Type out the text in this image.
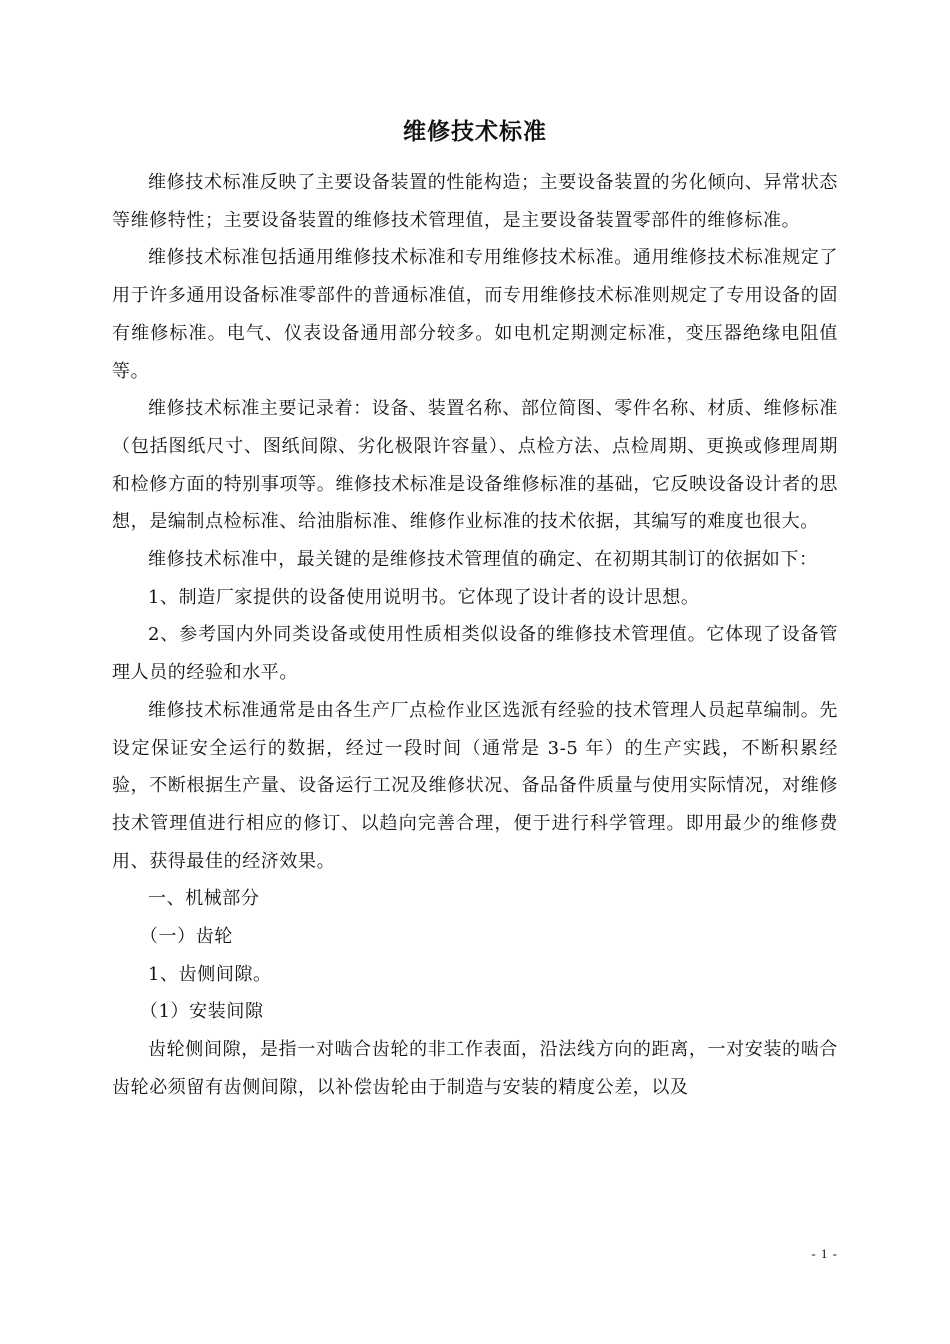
维修技术标准

维修技术标准反映了主要设备装置的性能构造；主要设备装置的劣化倾向、异常状态等维修特性；主要设备装置的维修技术管理值，是主要设备装置零部件的维修标准。

维修技术标准包括通用维修技术标准和专用维修技术标准。通用维修技术标准规定了用于许多通用设备标准零部件的普通标准值，而专用维修技术标准则规定了专用设备的固有维修标准。电气、仪表设备通用部分较多。如电机定期测定标准，变压器绝缘电阻值等。

维修技术标准主要记录着：设备、装置名称、部位简图、零件名称、材质、维修标准（包括图纸尺寸、图纸间隙、劣化极限许容量）、点检方法、点检周期、更换或修理周期和检修方面的特别事项等。维修技术标准是设备维修标准的基础，它反映设备设计者的思想，是编制点检标准、给油脂标准、维修作业标准的技术依据，其编写的难度也很大。

维修技术标准中，最关键的是维修技术管理值的确定、在初期其制订的依据如下：

1、制造厂家提供的设备使用说明书。它体现了设计者的设计思想。

2、参考国内外同类设备或使用性质相类似设备的维修技术管理值。它体现了设备管理人员的经验和水平。

维修技术标准通常是由各生产厂点检作业区选派有经验的技术管理人员起草编制。先设定保证安全运行的数据，经过一段时间（通常是 3-5 年）的生产实践，不断积累经验，不断根据生产量、设备运行工况及维修状况、备品备件质量与使用实际情况，对维修技术管理值进行相应的修订、以趋向完善合理，便于进行科学管理。即用最少的维修费用、获得最佳的经济效果。

一、机械部分

（一）齿轮

1、齿侧间隙。

（1）安装间隙

齿轮侧间隙，是指一对啮合齿轮的非工作表面，沿法线方向的距离，一对安装的啮合齿轮必须留有齿侧间隙，以补偿齿轮由于制造与安装的精度公差，以及

- 1 -
